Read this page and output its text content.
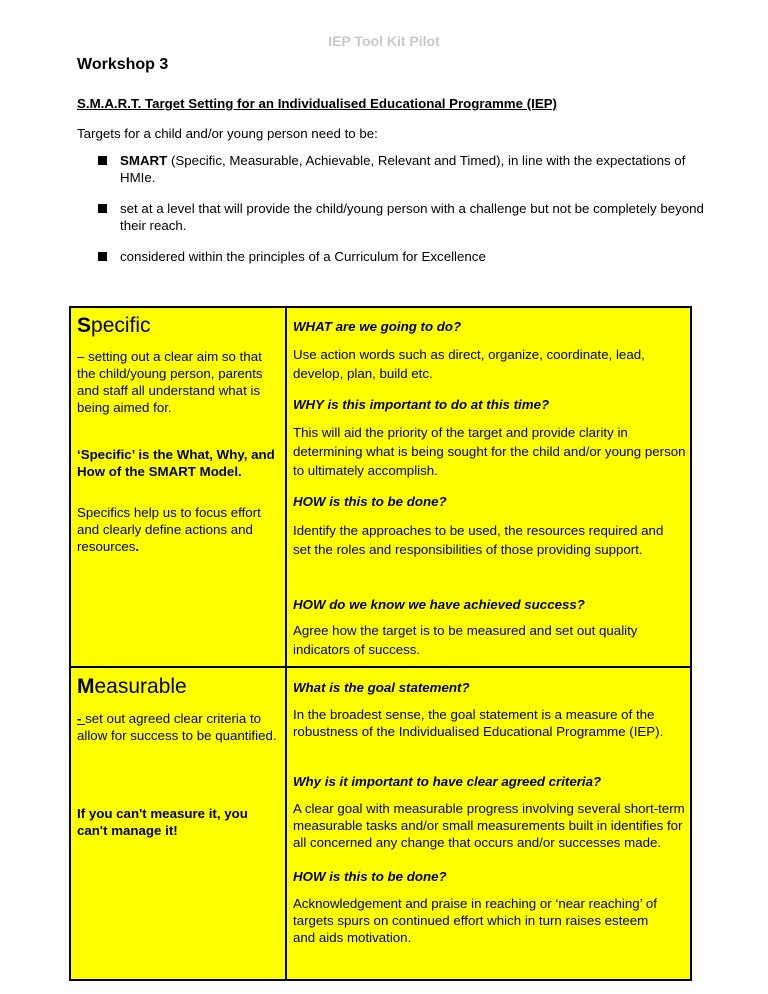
IEP Tool Kit Pilot
Workshop 3
S.M.A.R.T. Target Setting for an Individualised Educational Programme (IEP)
Targets for a child and/or young person need to be:
SMART (Specific, Measurable, Achievable, Relevant and Timed), in line with the expectations of HMIe.
set at a level that will provide the child/young person with a challenge but not be completely beyond their reach.
considered within the principles of a Curriculum for Excellence
Specific
– setting out a clear aim so that the child/young person, parents and staff all understand what is being aimed for.
‘Specific’ is the What, Why, and How of the SMART Model.
Specifics help us to focus effort and clearly define actions and resources.
WHAT are we going to do?
Use action words such as direct, organize, coordinate, lead, develop, plan, build etc.
WHY is this important to do at this time?
This will aid the priority of the target and provide clarity in determining what is being sought for the child and/or young person to ultimately accomplish.
HOW is this to be done?
Identify the approaches to be used, the resources required and set the roles and responsibilities of those providing support.
HOW do we know we have achieved success?
Agree how the target is to be measured and set out quality indicators of success.
Measurable
- set out agreed clear criteria to allow for success to be quantified.
If you can't measure it, you can't manage it!
What is the goal statement?
In the broadest sense, the goal statement is a measure of the robustness of the Individualised Educational Programme (IEP).
Why is it important to have clear agreed criteria?
A clear goal with measurable progress involving several short-term measurable tasks and/or small measurements built in identifies for all concerned any change that occurs and/or successes made.
HOW is this to be done?
Acknowledgement and praise in reaching or ‘near reaching’ of targets spurs on continued effort which in turn raises esteem and aids motivation.
